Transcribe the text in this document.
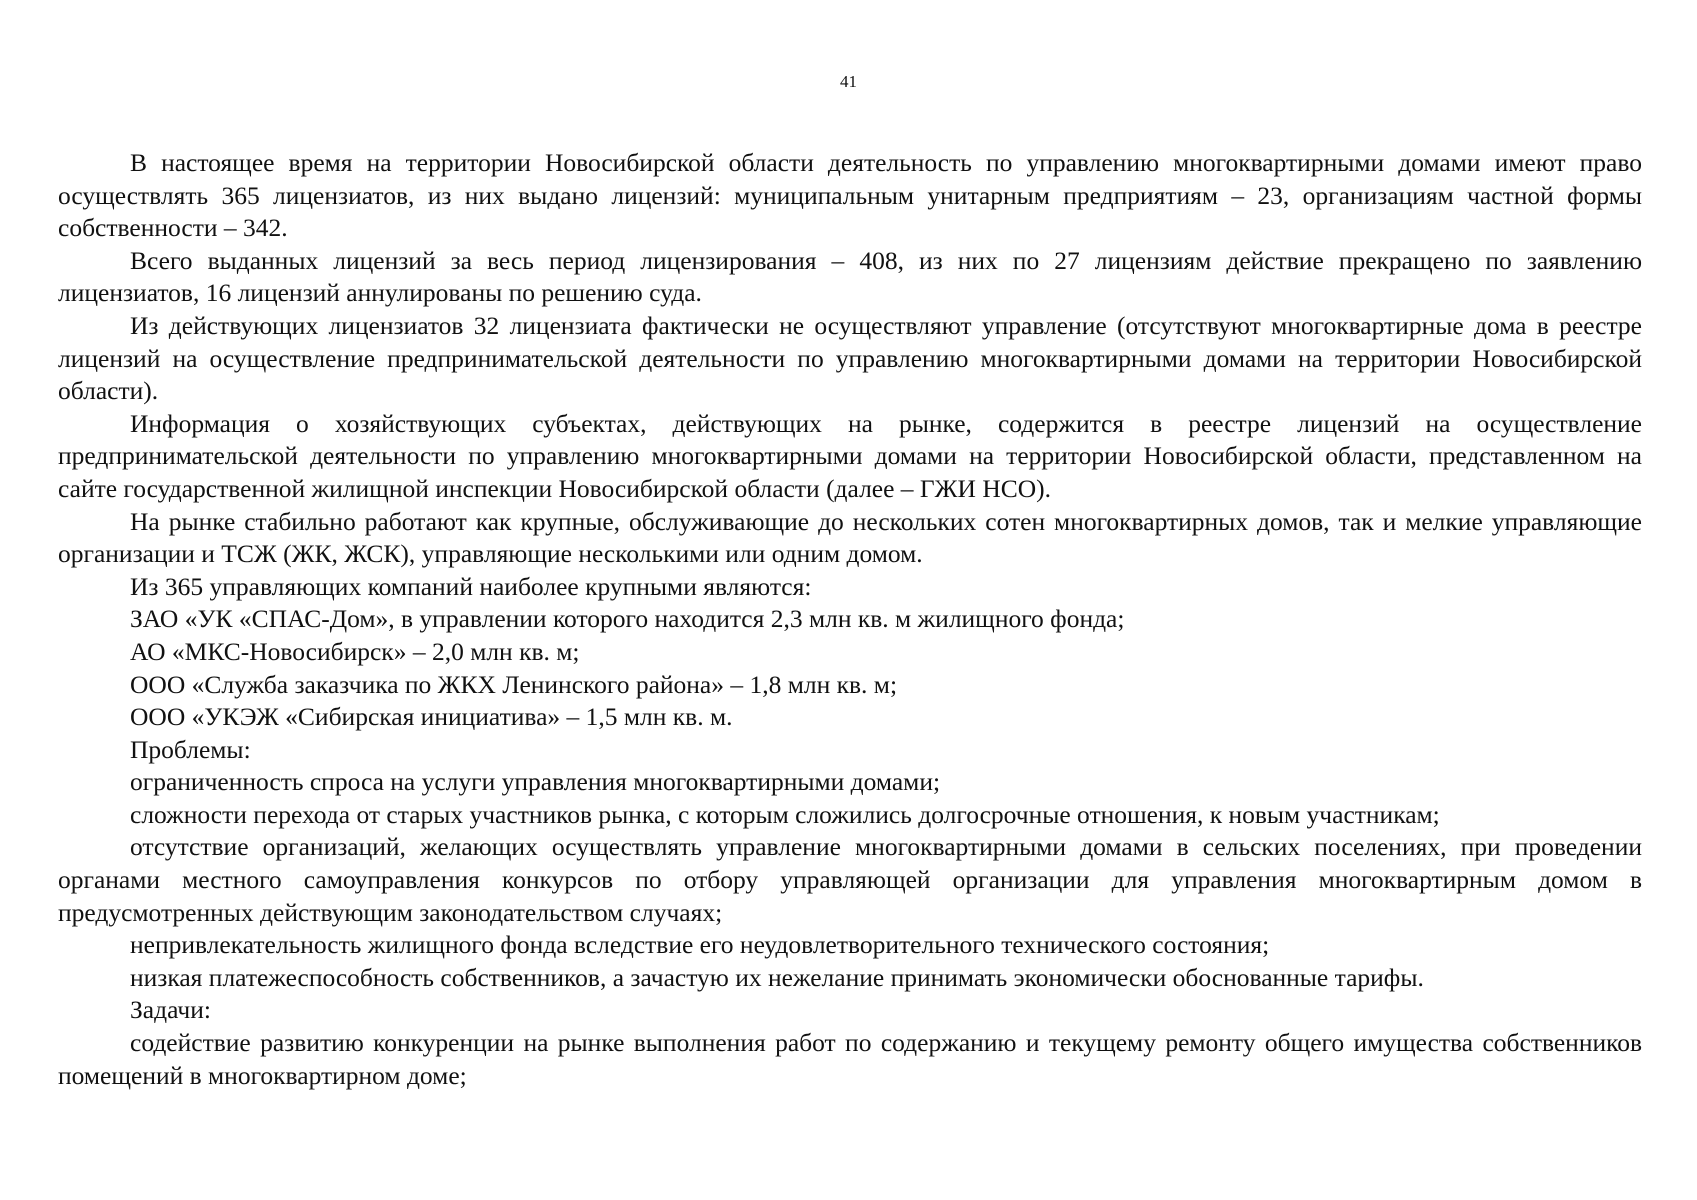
41

В настоящее время на территории Новосибирской области деятельность по управлению многоквартирными домами имеют право осуществлять 365 лицензиатов, из них выдано лицензий: муниципальным унитарным предприятиям – 23, организациям частной формы собственности – 342.

Всего выданных лицензий за весь период лицензирования – 408, из них по 27 лицензиям действие прекращено по заявлению лицензиатов, 16 лицензий аннулированы по решению суда.

Из действующих лицензиатов 32 лицензиата фактически не осуществляют управление (отсутствуют многоквартирные дома в реестре лицензий на осуществление предпринимательской деятельности по управлению многоквартирными домами на территории Новосибирской области).

Информация о хозяйствующих субъектах, действующих на рынке, содержится в реестре лицензий на осуществление предпринимательской деятельности по управлению многоквартирными домами на территории Новосибирской области, представленном на сайте государственной жилищной инспекции Новосибирской области (далее – ГЖИ НСО).

На рынке стабильно работают как крупные, обслуживающие до нескольких сотен многоквартирных домов, так и мелкие управляющие организации и ТСЖ (ЖК, ЖСК), управляющие несколькими или одним домом.

Из 365 управляющих компаний наиболее крупными являются:

ЗАО «УК «СПАС-Дом», в управлении которого находится 2,3 млн кв. м жилищного фонда;

АО «МКС-Новосибирск» – 2,0 млн кв. м;

ООО «Служба заказчика по ЖКХ Ленинского района» – 1,8 млн кв. м;

ООО «УКЭЖ «Сибирская инициатива» – 1,5 млн кв. м.

Проблемы:

ограниченность спроса на услуги управления многоквартирными домами;

сложности перехода от старых участников рынка, с которым сложились долгосрочные отношения, к новым участникам;

отсутствие организаций, желающих осуществлять управление многоквартирными домами в сельских поселениях, при проведении органами местного самоуправления конкурсов по отбору управляющей организации для управления многоквартирным домом в предусмотренных действующим законодательством случаях;

непривлекательность жилищного фонда вследствие его неудовлетворительного технического состояния;

низкая платежеспособность собственников, а зачастую их нежелание принимать экономически обоснованные тарифы.

Задачи:

содействие развитию конкуренции на рынке выполнения работ по содержанию и текущему ремонту общего имущества собственников помещений в многоквартирном доме;
